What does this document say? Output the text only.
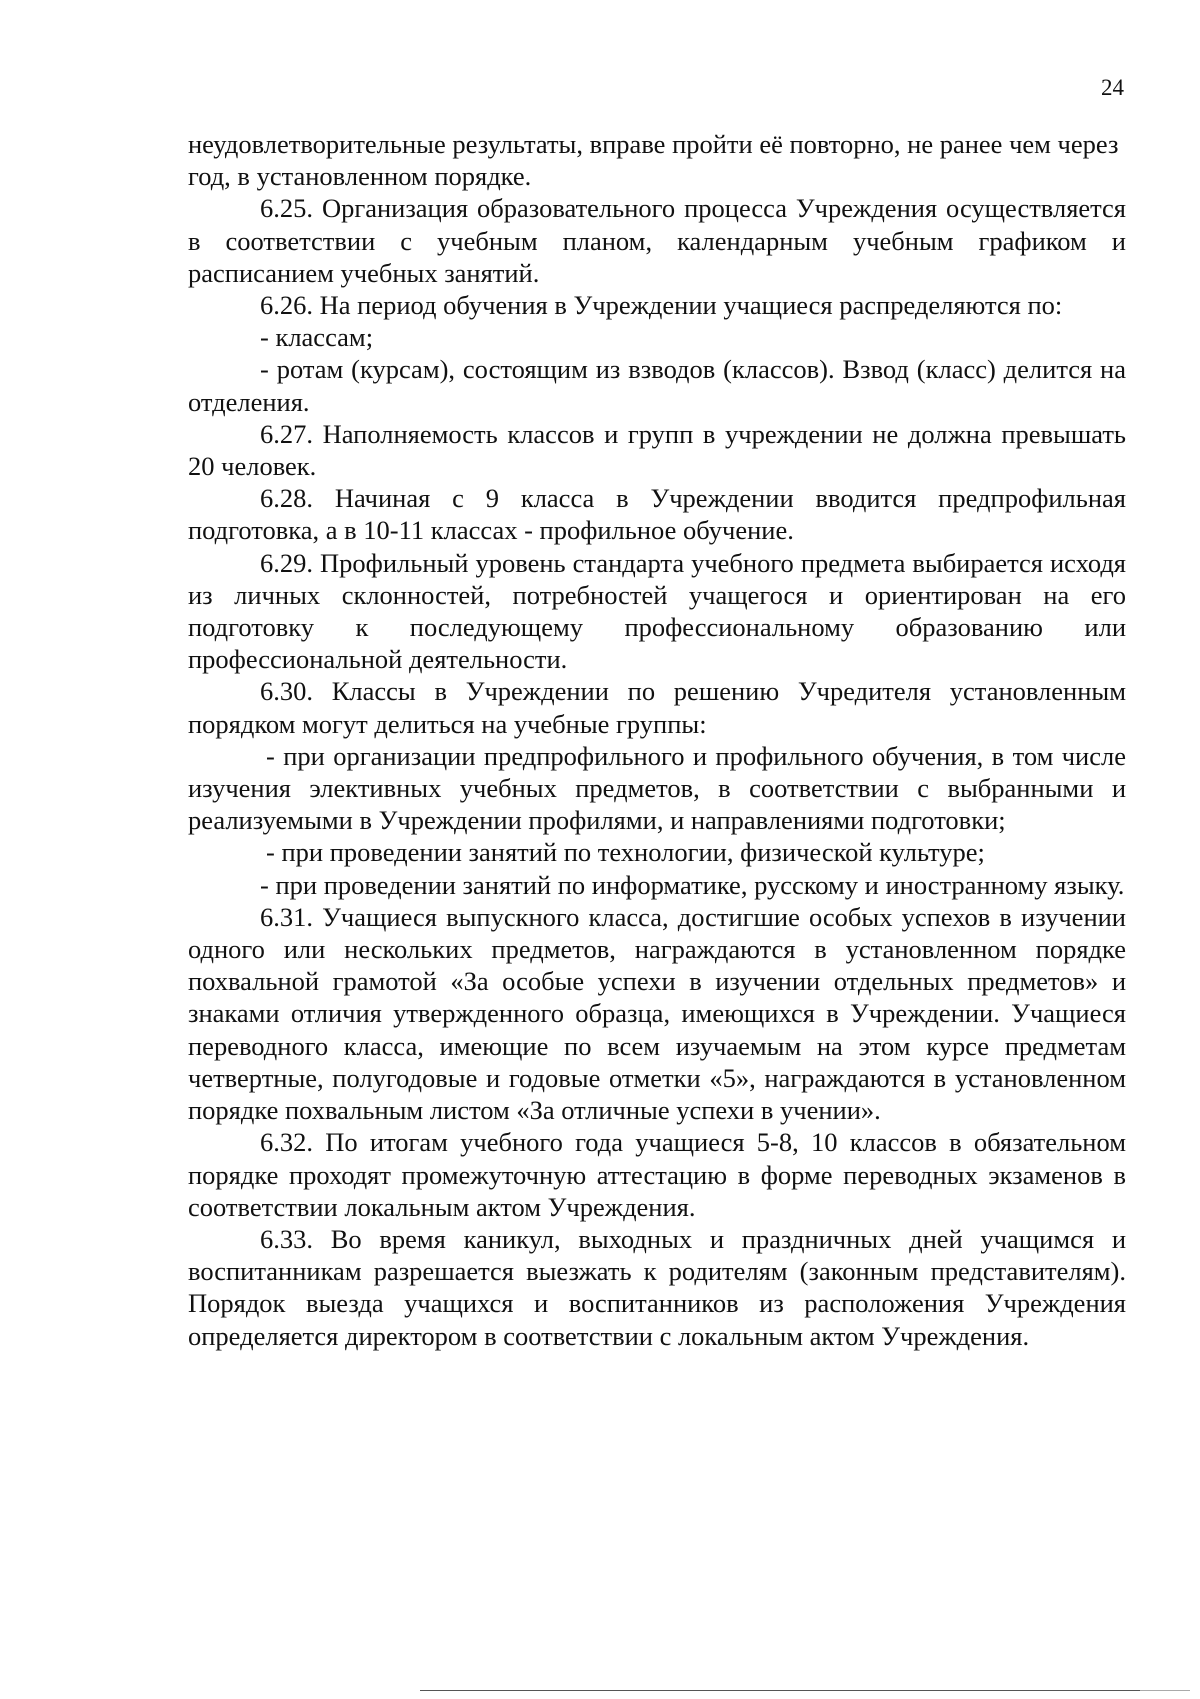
24

неудовлетворительные результаты, вправе пройти её повторно, не ранее чем через год, в установленном порядке.

6.25. Организация образовательного процесса Учреждения осуществляется в соответствии с учебным планом, календарным учебным графиком и расписанием учебных занятий.

6.26. На период обучения в Учреждении учащиеся распределяются по:

- классам;

- ротам (курсам), состоящим из взводов (классов). Взвод (класс) делится на отделения.

6.27. Наполняемость классов и групп в учреждении не должна превышать 20 человек.

6.28. Начиная с 9 класса в Учреждении вводится предпрофильная подготовка, а в 10-11 классах - профильное обучение.

6.29. Профильный уровень стандарта учебного предмета выбирается исходя из личных склонностей, потребностей учащегося и ориентирован на его подготовку к последующему профессиональному образованию или профессиональной деятельности.

6.30. Классы в Учреждении по решению Учредителя установленным порядком могут делиться на учебные группы:

- при организации предпрофильного и профильного обучения, в том числе изучения элективных учебных предметов, в соответствии с выбранными и реализуемыми в Учреждении профилями, и направлениями подготовки;

- при проведении занятий по технологии, физической культуре;

- при проведении занятий по информатике, русскому и иностранному языку.

6.31. Учащиеся выпускного класса, достигшие особых успехов в изучении одного или нескольких предметов, награждаются в установленном порядке похвальной грамотой «За особые успехи в изучении отдельных предметов» и знаками отличия утвержденного образца, имеющихся в Учреждении. Учащиеся переводного класса, имеющие по всем изучаемым на этом курсе предметам четвертные, полугодовые и годовые отметки «5», награждаются в установленном порядке похвальным листом «За отличные успехи в учении».

6.32. По итогам учебного года учащиеся 5-8, 10 классов в обязательном порядке проходят промежуточную аттестацию в форме переводных экзаменов в соответствии локальным актом Учреждения.

6.33. Во время каникул, выходных и праздничных дней учащимся и воспитанникам разрешается выезжать к родителям (законным представителям). Порядок выезда учащихся и воспитанников из расположения Учреждения определяется директором в соответствии с локальным актом Учреждения.
